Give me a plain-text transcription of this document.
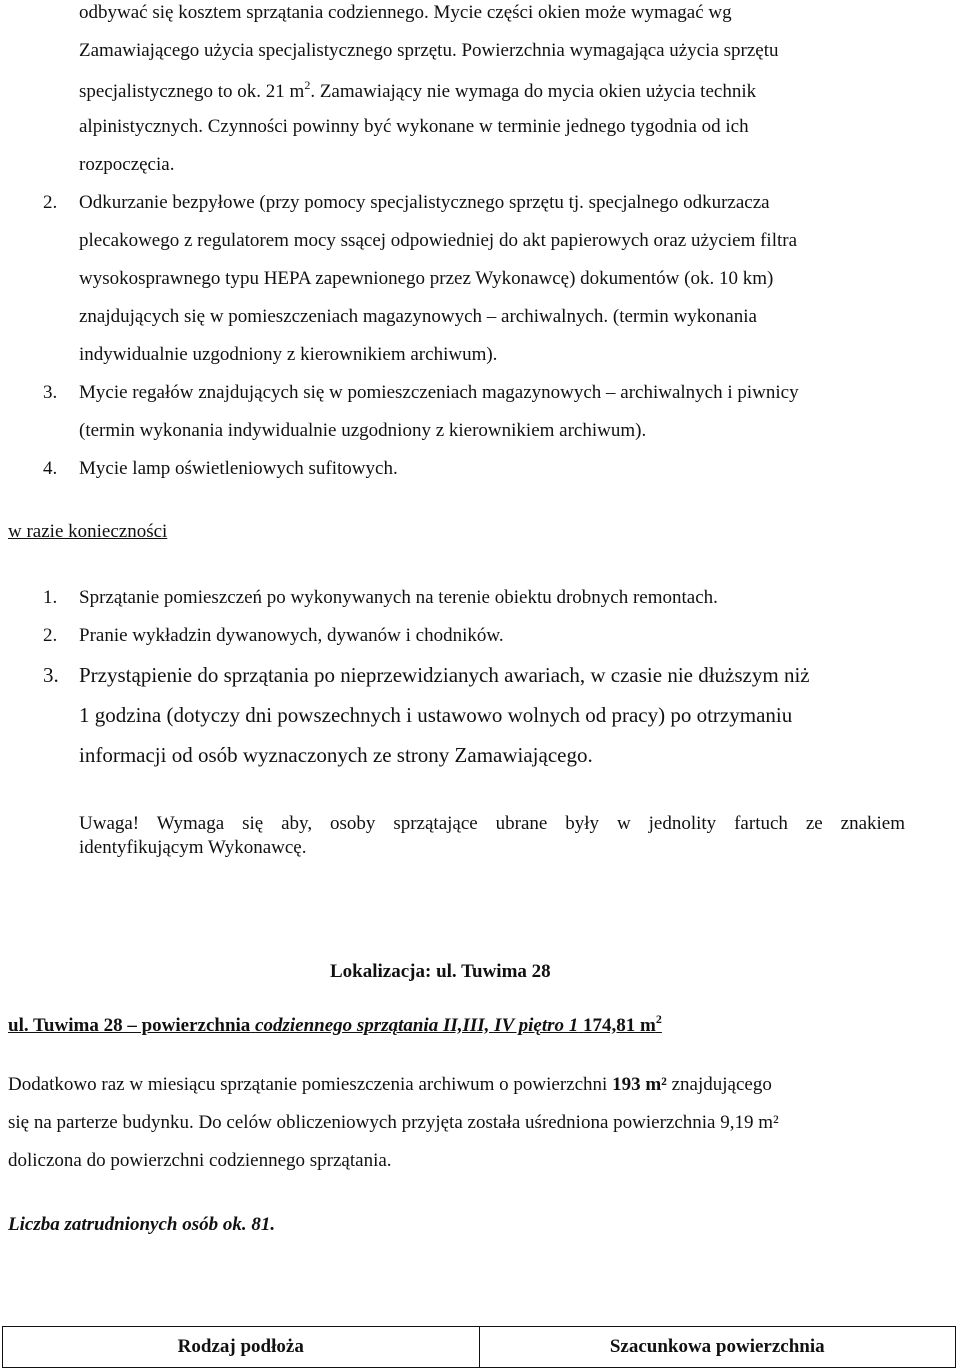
odbywać się kosztem sprzątania codziennego. Mycie części okien może wymagać wg
Zamawiającego użycia specjalistycznego sprzętu. Powierzchnia wymagająca użycia sprzętu
specjalistycznego to ok. 21 $m^2$. Zamawiający nie wymaga do mycia okien użycia technik
alpinistycznych. Czynności powinny być wykonane w terminie jednego tygodnia od ich
rozpoczęcia.
2. Odkurzanie bezpyłowe (przy pomocy specjalistycznego sprzętu tj. specjalnego odkurzacza
plecakowego z regulatorem mocy ssącej odpowiedniej do akt papierowych oraz użyciem filtra
wysokosprawnego typu HEPA zapewnionego przez Wykonawcę) dokumentów (ok. 10 km)
znajdujących się w pomieszczeniach magazynowych – archiwalnych. (termin wykonania
indywidualnie uzgodniony z kierownikiem archiwum).
3. Mycie regałów znajdujących się w pomieszczeniach magazynowych – archiwalnych i piwnicy
(termin wykonania indywidualnie uzgodniony z kierownikiem archiwum).
4. Mycie lamp oświetleniowych sufitowych.
w razie konieczności
1. Sprzątanie pomieszczeń po wykonywanych na terenie obiektu drobnych remontach.
2. Pranie wykładzin dywanowych, dywanów i chodników.
3. Przystąpienie do sprzątania po nieprzewidzianych awariach, w czasie nie dłuższym niż
1 godzina (dotyczy dni powszechnych i ustawowo wolnych od pracy) po otrzymaniu
informacji od osób wyznaczonych ze strony Zamawiającego.
Uwaga! Wymaga się aby, osoby sprzątające ubrane były w jednolity fartuch ze znakiem
identyfikującym Wykonawcę.
Lokalizacja: ul. Tuwima 28
ul. Tuwima 28 – powierzchnia codziennego sprzątania II,III, IV piętro 1 174,81 $m^2$
Dodatkowo raz w miesiącu sprzątanie pomieszczenia archiwum o powierzchni 193 m² znajdującego
się na parterze budynku. Do celów obliczeniowych przyjęta została uśredniona powierzchnia 9,19 m²
doliczona do powierzchni codziennego sprzątania.
Liczba zatrudnionych osób ok. 81.
Rodzaj podłoża	Szacunkowa powierzchnia
